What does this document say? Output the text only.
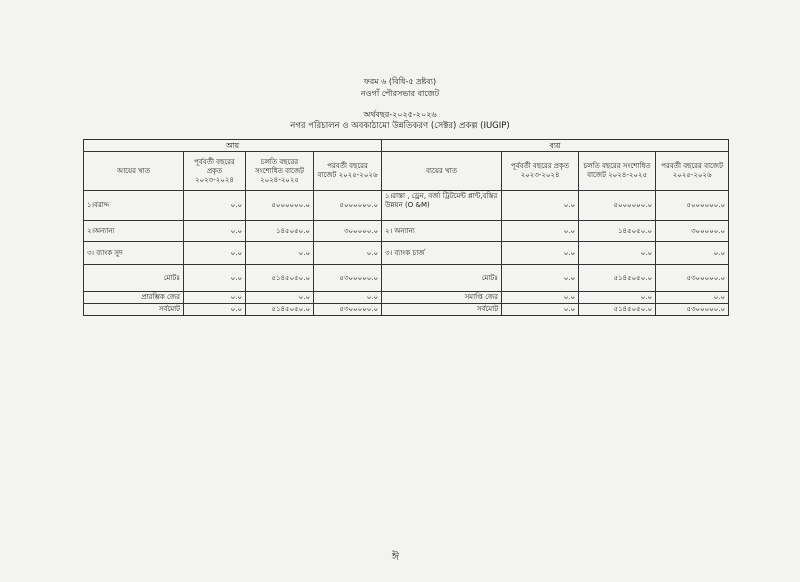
ফরম ৬ (বিধি-৫ দ্রষ্টব্য)
নওগাঁ পৌরসভার বাজেট
অর্থবছর-২০২৫-২০২৬
নগর পরিচালন ও অবকাঠামো উন্নতিকরণ (সেক্টর) প্রকল্প (IUGIP)
আয়				ব্যয়			
আয়ের খাত	পূর্ববর্তী বছরের প্রকৃত ২০২৩-২০২৪	চলতি বছরের সংশোধিত বাজেট ২০২৪-২০২৫	পরবর্তী বছরের বাজেট ২০২৫-২০২৬	ব্যয়ের খাত	পূর্ববর্তী বছরের প্রকৃত ২০২৩-২০২৪	চলতি বছরের সংশোধিত বাজেট ২০২৪-২০২৫	পরবর্তী বছরের বাজেট ২০২৫-২০২৬
১।বরাদ্দ	০.০	৫০০০০০০.০	৫০০০০০০.০	১।রাস্তা , ড্রেন, বর্জ্য ট্রিটমেন্ট প্লান্ট,বস্তির উন্নয়ন (O &M)	০.০	৫০০০০০০.০	৫০০০০০০.০
২।অন্যান্য	০.০	১৪৫০৫০.০	৩০০০০০.০	২। অন্যান্য	০.০	১৪৫০৫০.০	৩০০০০০.০
৩। ব্যাংক সুদ	০.০	০.০	০.০	৩। ব্যাংক চার্জ	০.০	০.০	০.০
মোটঃ	০.০	৫১৪৫০৫০.০	৫৩০০০০০.০	মোটঃ	০.০	৫১৪৫০৫০.০	৫৩০০০০০.০
প্রারম্ভিক জের	০.০	০.০	০.০	সমাপ্তি জের	০.০	০.০	০.০
সর্বমোট	০.০	৫১৪৫০৫০.০	৫৩০০০০০.০	সর্বমোট	০.০	৫১৪৫০৫০.০	৫৩০০০০০.০
ঈ
